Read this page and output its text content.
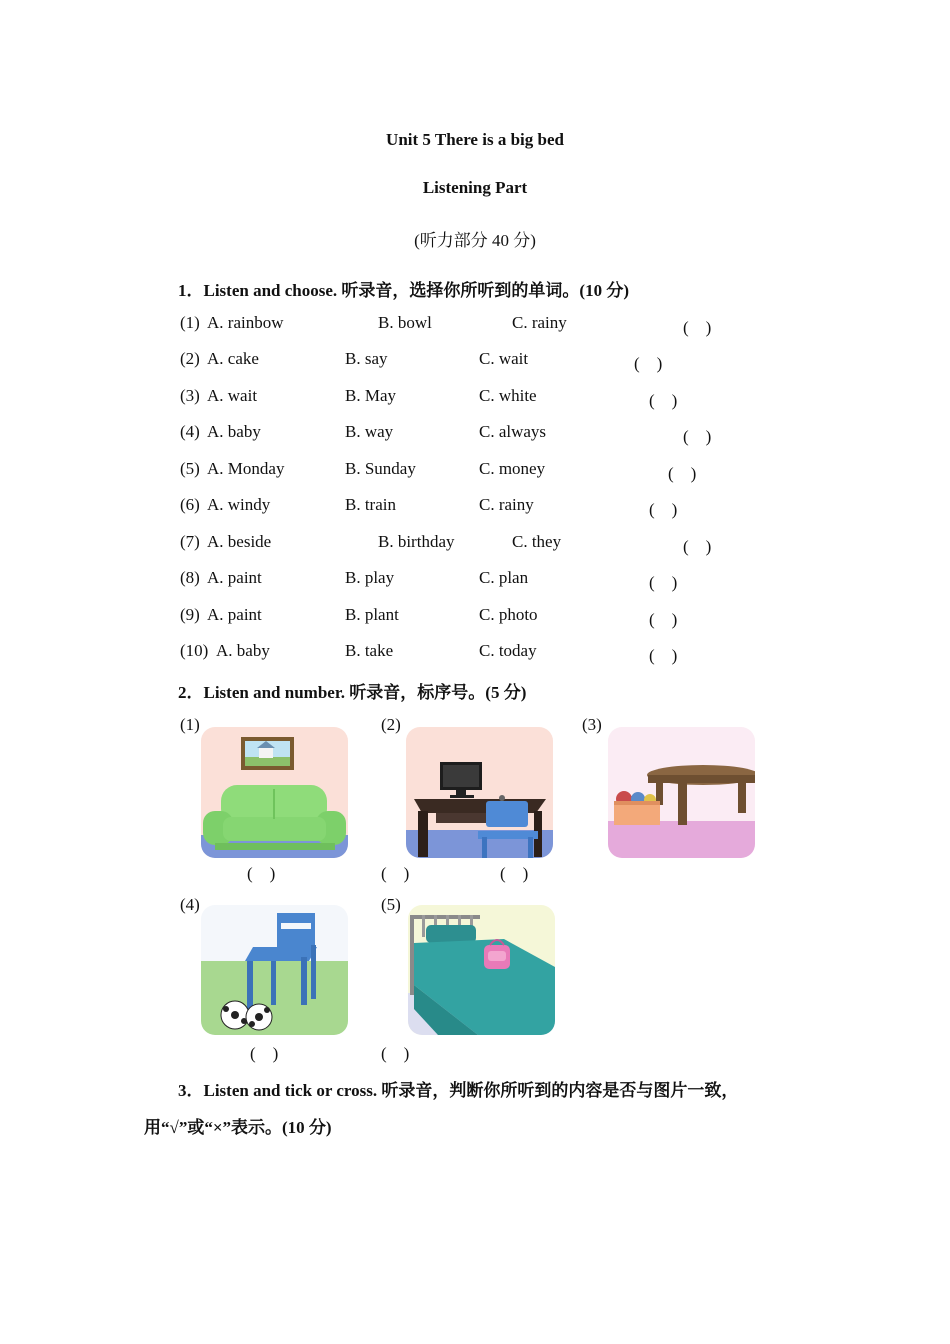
Unit 5 There is a big bed
Listening Part
(听力部分 40 分)
1．Listen and choose. 听录音，选择你所听到的单词。(10 分)
(1) A. rainbow	B. bowl	C. rainy	(　)
(2) A. cake	B. say	C. wait	(　)
(3) A. wait	B. May	C. white	(　)
(4) A. baby	B. way	C. always	(　)
(5) A. Monday	B. Sunday	C. money	(　)
(6) A. windy	B. train	C. rainy	(　)
(7) A. beside	B. birthday	C. they	(　)
(8) A. paint	B. play	C. plan	(　)
(9) A. paint	B. plant	C. photo	(　)
(10) A. baby	B. take	C. today	(　)
2．Listen and number. 听录音，标序号。(5 分)
(1)	(2)	(3)
(4)	(5)
(　)	(　)	(　)
(　)	(　)
3．Listen and tick or cross. 听录音，判断你所听到的内容是否与图片一致，
用“√”或“×”表示。(10 分)
